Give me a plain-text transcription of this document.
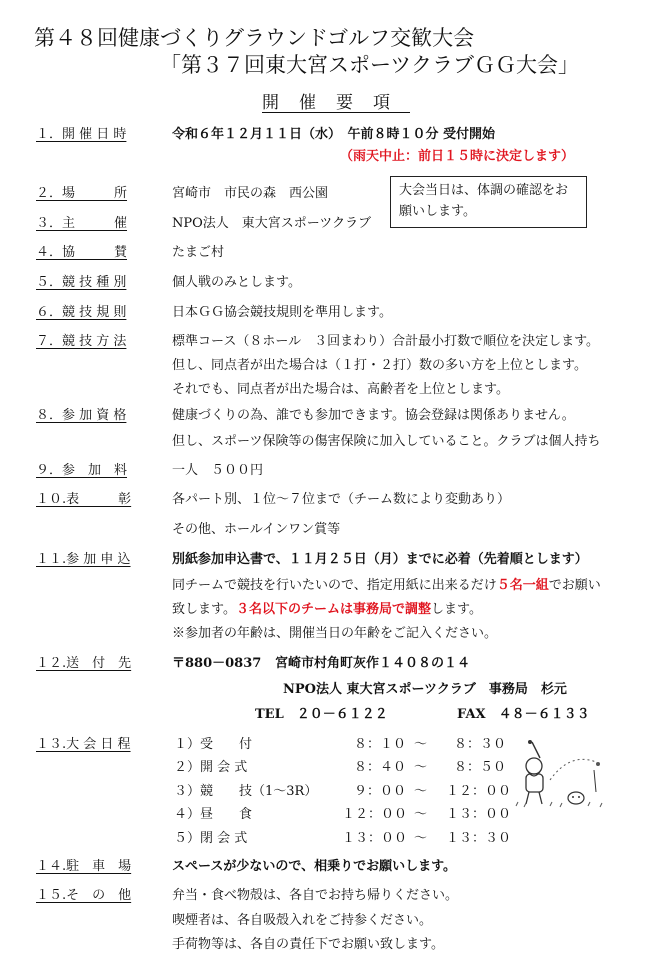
第４８回健康づくりグラウンドゴルフ交歓大会
「第３７回東大宮スポーツクラブＧＧ大会」
開催要項
大会当日は、体調の確認をお願いします。
１．開 催 日 時	令和６年１２月１１日（水）　午前８時１０分 受付開始
（雨天中止：前日１５時に決定します）
２．場　　　所	宮崎市　市民の森　西公園
３．主　　　催	NPO法人　東大宮スポーツクラブ
４．協　　　賛	たまご村
５．競 技 種 別	個人戦のみとします。
６．競 技 規 則	日本ＧＧ協会競技規則を準用します。
７．競 技 方 法	標準コース（８ホール　３回まわり）合計最小打数で順位を決定します。
但し、同点者が出た場合は（１打・２打）数の多い方を上位とします。
それでも、同点者が出た場合は、高齢者を上位とします。
８．参 加 資 格	健康づくりの為、誰でも参加できます。協会登録は関係ありません。
但し、スポーツ保険等の傷害保険に加入していること。クラブは個人持ち
９．参　加　料	一人　５００円
１０.表　　　彰	各パート別、１位～７位まで（チーム数により変動あり）
その他、ホールインワン賞等
１１.参 加 申 込	別紙参加申込書で、１１月２５日（月）までに必着（先着順とします）
同チームで競技を行いたいので、指定用紙に出来るだけ５名一組でお願い
致します。３名以下のチームは事務局で調整します。
※参加者の年齢は、開催当日の年齢をご記入ください。
１２.送　付　先	〒880－0837 宮崎市村角町灰作１４０８の１４
NPO法人 東大宮スポーツクラブ　事務局　杉元
TEL　２０－６１２２	FAX　４８－６１３３
１３.大 会 日 程	１）受　　付	８：１０ ～ ８：３０
２）開 会 式	８：４０ ～ ８：５０
３）競　　技（1～3R）	９：００ ～ １２：００
４）昼　　食	１２：００ ～ １３：００
５）閉 会 式	１３：００ ～ １３：３０
１４.駐　車　場	スペースが少ないので、相乗りでお願いします。
１５.そ　の　他	弁当・食べ物殻は、各自でお持ち帰りください。
喫煙者は、各自吸殻入れをご持参ください。
手荷物等は、各自の責任下でお願い致します。
